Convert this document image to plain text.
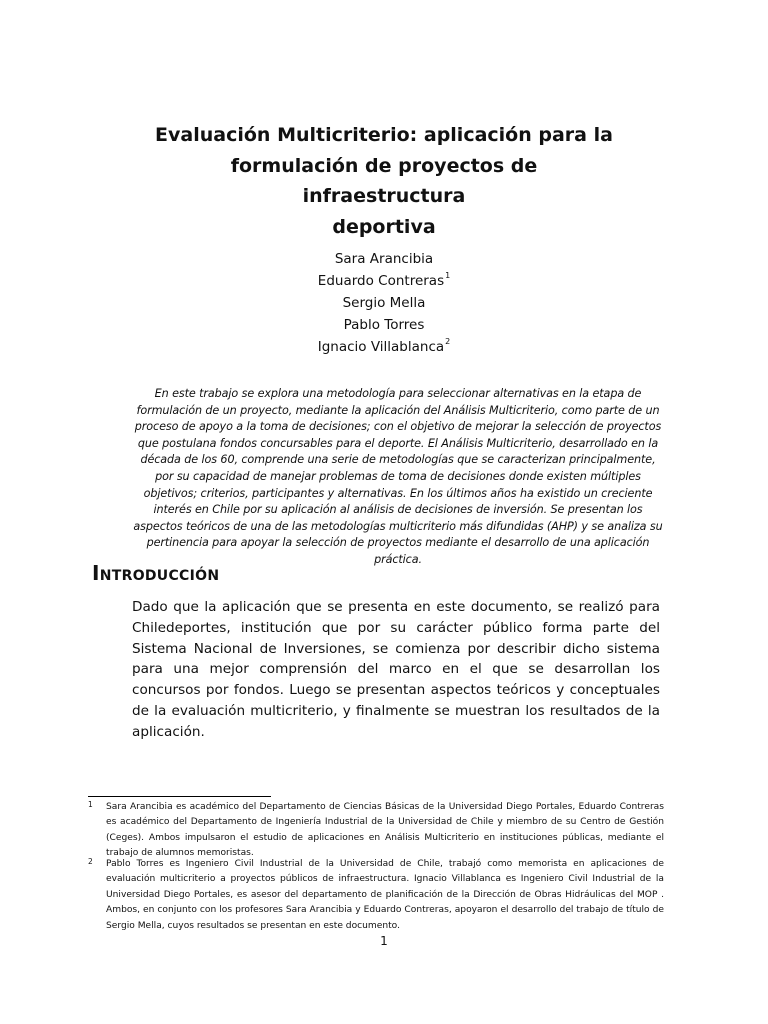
Evaluación Multicriterio: aplicación para la
formulación de proyectos de infraestructura
deportiva
Sara Arancibia
Eduardo Contreras$^1$
Sergio Mella
Pablo Torres
Ignacio Villablanca$^2$

En este trabajo se explora una metodología para seleccionar alternativas en la etapa de formulación de un proyecto, mediante la aplicación del Análisis Multicriterio, como parte de un proceso de apoyo a la toma de decisiones; con el objetivo de mejorar la selección de proyectos que postulana fondos concursables para el deporte. El Análisis Multicriterio, desarrollado en la década de los 60, comprende una serie de metodologías que se caracterizan principalmente, por su capacidad de manejar problemas de toma de decisiones donde existen múltiples objetivos; criterios, participantes y alternativas. En los últimos años ha existido un creciente interés en Chile por su aplicación al análisis de decisiones de inversión. Se presentan los aspectos teóricos de una de las metodologías multicriterio más difundidas (AHP) y se analiza su pertinencia para apoyar la selección de proyectos mediante el desarrollo de una aplicación práctica.

Introducción

Dado que la aplicación que se presenta en este documento, se realizó para Chiledeportes, institución que por su carácter público forma parte del Sistema Nacional de Inversiones, se comienza por describir dicho sistema para una mejor comprensión del marco en el que se desarrollan los concursos por fondos. Luego se presentan aspectos teóricos y conceptuales de la evaluación multicriterio, y finalmente se muestran los resultados de la aplicación.

1 Sara Arancibia es académico del Departamento de Ciencias Básicas de la Universidad Diego Portales, Eduardo Contreras es académico del Departamento de Ingeniería Industrial de la Universidad de Chile y miembro de su Centro de Gestión (Ceges). Ambos impulsaron el estudio de aplicaciones en Análisis Multicriterio en instituciones públicas, mediante el trabajo de alumnos memoristas.
2 Pablo Torres es Ingeniero Civil Industrial de la Universidad de Chile, trabajó como memorista en aplicaciones de evaluación multicriterio a proyectos públicos de infraestructura. Ignacio Villablanca es Ingeniero Civil Industrial de la Universidad Diego Portales, es asesor del departamento de planificación de la Dirección de Obras Hidráulicas del MOP . Ambos, en conjunto con los profesores Sara Arancibia y Eduardo Contreras, apoyaron el desarrollo del trabajo de título de Sergio Mella, cuyos resultados se presentan en este documento.
1
